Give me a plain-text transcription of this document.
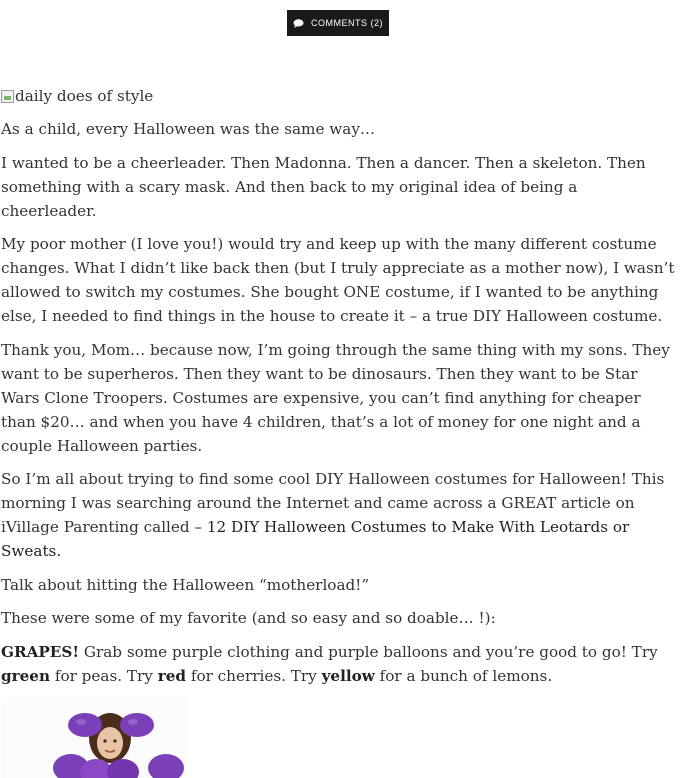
COMMENTS (2)
daily does of style

As a child, every Halloween was the same way…

I wanted to be a cheerleader. Then Madonna. Then a dancer. Then a skeleton. Then something with a scary mask. And then back to my original idea of being a cheerleader.

My poor mother (I love you!) would try and keep up with the many different costume changes. What I didn’t like back then (but I truly appreciate as a mother now), I wasn’t allowed to switch my costumes. She bought ONE costume, if I wanted to be anything else, I needed to find things in the house to create it – a true DIY Halloween costume.

Thank you, Mom… because now, I’m going through the same thing with my sons. They want to be superheros. Then they want to be dinosaurs. Then they want to be Star Wars Clone Troopers. Costumes are expensive, you can’t find anything for cheaper than $20… and when you have 4 children, that’s a lot of money for one night and a couple Halloween parties.

So I’m all about trying to find some cool DIY Halloween costumes for Halloween! This morning I was searching around the Internet and came across a GREAT article on iVillage Parenting called – 12 DIY Halloween Costumes to Make With Leotards or Sweats.

Talk about hitting the Halloween “motherload!”

These were some of my favorite (and so easy and so doable… !):

GRAPES! Grab some purple clothing and purple balloons and you’re good to go! Try green for peas. Try red for cherries. Try yellow for a bunch of lemons.
